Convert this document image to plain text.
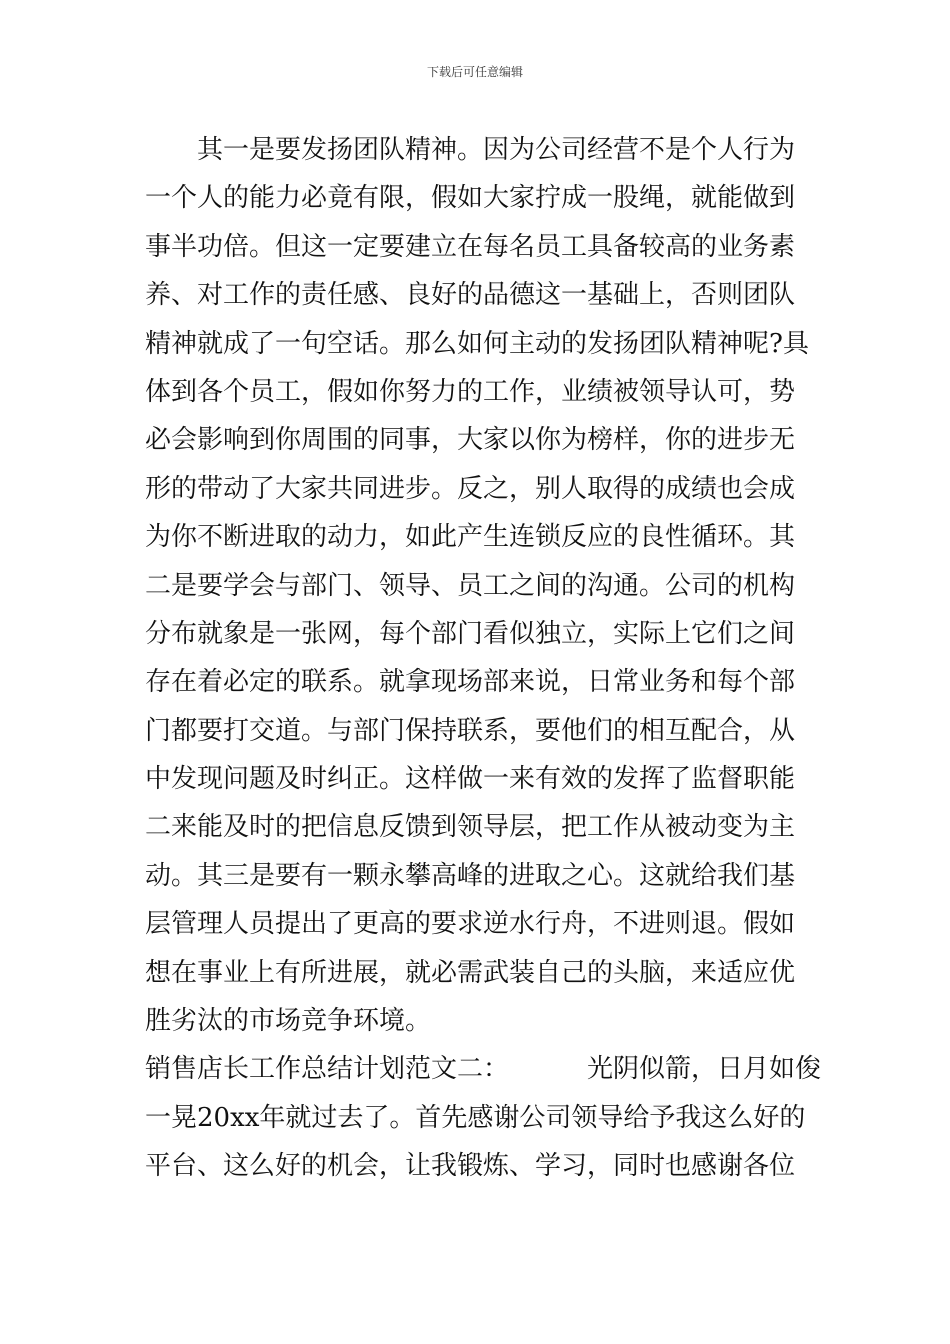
下载后可任意编辑
其一是要发扬团队精神。因为公司经营不是个人行为
一个人的能力必竟有限，假如大家拧成一股绳，就能做到
事半功倍。但这一定要建立在每名员工具备较高的业务素
养、对工作的责任感、良好的品德这一基础上，否则团队
精神就成了一句空话。那么如何主动的发扬团队精神呢?具
体到各个员工，假如你努力的工作，业绩被领导认可，势
必会影响到你周围的同事，大家以你为榜样，你的进步无
形的带动了大家共同进步。反之，别人取得的成绩也会成
为你不断进取的动力，如此产生连锁反应的良性循环。其
二是要学会与部门、领导、员工之间的沟通。公司的机构
分布就象是一张网，每个部门看似独立，实际上它们之间
存在着必定的联系。就拿现场部来说，日常业务和每个部
门都要打交道。与部门保持联系，要他们的相互配合，从
中发现问题及时纠正。这样做一来有效的发挥了监督职能
二来能及时的把信息反馈到领导层，把工作从被动变为主
动。其三是要有一颗永攀高峰的进取之心。这就给我们基
层管理人员提出了更高的要求逆水行舟，不进则退。假如
想在事业上有所进展，就必需武装自己的头脑，来适应优
胜劣汰的市场竞争环境。
销售店长工作总结计划范文二：	光阴似箭，日月如俊
一晃20xx年就过去了。首先感谢公司领导给予我这么好的
平台、这么好的机会，让我锻炼、学习，同时也感谢各位
